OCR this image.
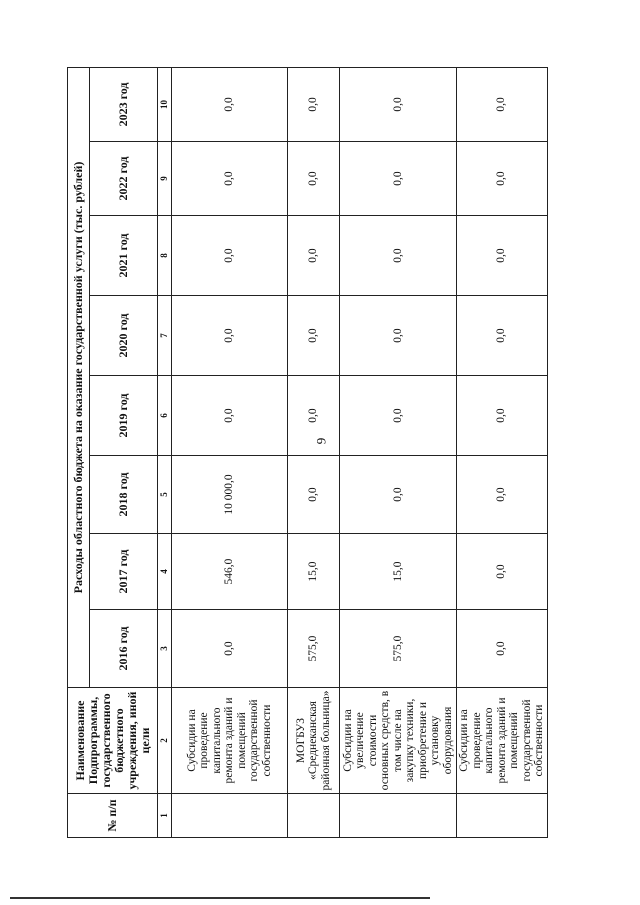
9
№ п/п	Наименование Подпрограммы, государственного бюджетного учреждения, иной цели	Расходы областного бюджета на оказание государственной услуги (тыс. рублей)							
		2016 год	2017 год	2018 год	2019 год	2020 год	2021 год	2022 год	2023 год
1	2	3	4	5	6	7	8	9	10
	Субсидии на проведение капитального ремонта зданий и помещений государственной собственности	0,0	546,0	10 000,0	0,0	0,0	0,0	0,0	0,0
	МОГБУЗ «Среднеканская районная больница»	575,0	15,0	0,0	0,0	0,0	0,0	0,0	0,0
	Субсидии на увеличение стоимости основных средств, в том числе на закупку техники, приобретение и установку оборудования	575,0	15,0	0,0	0,0	0,0	0,0	0,0	0,0
	Субсидии на проведение капитального ремонта зданий и помещений государственной собственности	0,0	0,0	0,0	0,0	0,0	0,0	0,0	0,0
